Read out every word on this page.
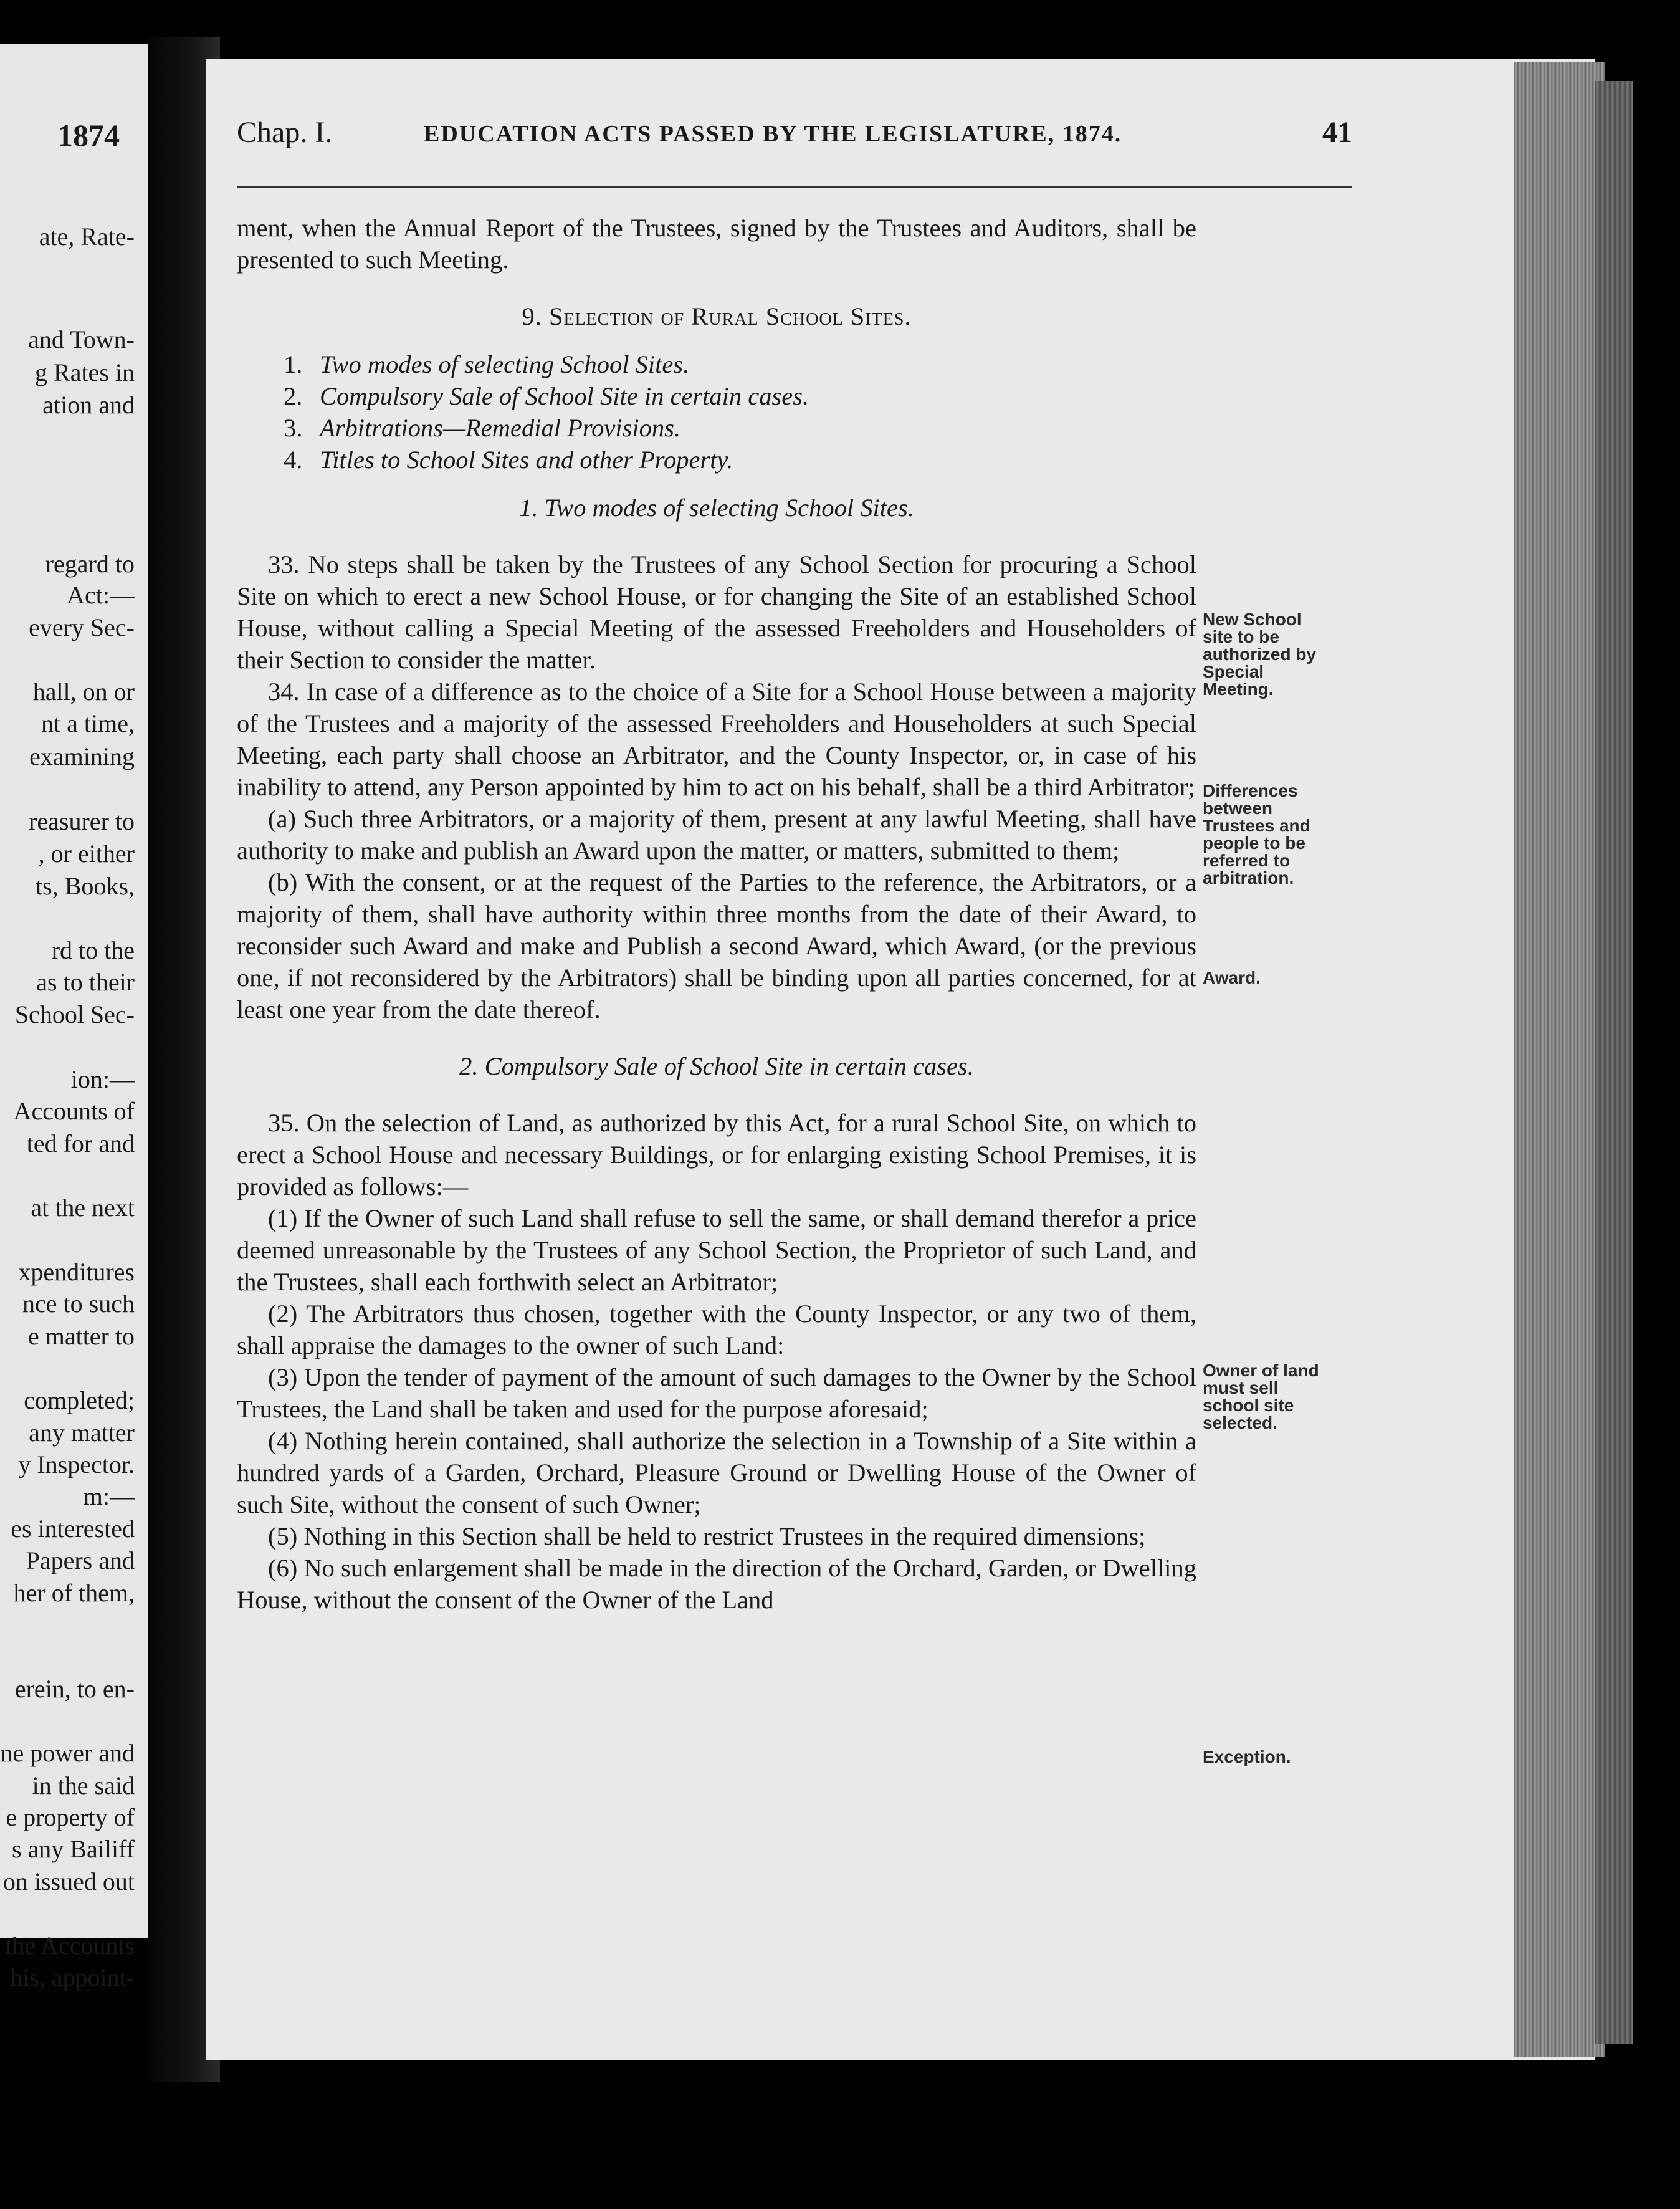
1874
ate, Rate-
and Town-
g Rates in
ation and
regard to
Act:—
every Sec-
hall, on or
nt a time,
examining
reasurer to
, or either
ts, Books,
rd to the
as to their
School Sec-
ion:—
Accounts of
ted for and
at the next
xpenditures
nce to such
e matter to
completed;
any matter
y Inspector.
m:—
es interested
Papers and
her of them,
erein, to en-
ne power and
in the said
e property of
s any Bailiff
on issued out
the Accounts
his, appoint-
Chap. I.	EDUCATION ACTS PASSED BY THE LEGISLATURE, 1874.	41

ment, when the Annual Report of the Trustees, signed by the Trustees and Auditors, shall be presented to such Meeting.

9. Selection of Rural School Sites.

1. Two modes of selecting School Sites.

2. Compulsory Sale of School Site in certain cases.

3. Arbitrations—Remedial Provisions.

4. Titles to School Sites and other Property.

1. Two modes of selecting School Sites.

33. No steps shall be taken by the Trustees of any School Section for procuring a School Site on which to erect a new School House, or for changing the Site of an established School House, without calling a Special Meeting of the assessed Freeholders and Householders of their Section to consider the matter.

34. In case of a difference as to the choice of a Site for a School House between a majority of the Trustees and a majority of the assessed Freeholders and Householders at such Special Meeting, each party shall choose an Arbitrator, and the County Inspector, or, in case of his inability to attend, any Person appointed by him to act on his behalf, shall be a third Arbitrator;

(a) Such three Arbitrators, or a majority of them, present at any lawful Meeting, shall have authority to make and publish an Award upon the matter, or matters, submitted to them;

(b) With the consent, or at the request of the Parties to the reference, the Arbitrators, or a majority of them, shall have authority within three months from the date of their Award, to reconsider such Award and make and Publish a second Award, which Award, (or the previous one, if not reconsidered by the Arbitrators) shall be binding upon all parties concerned, for at least one year from the date thereof.

2. Compulsory Sale of School Site in certain cases.

35. On the selection of Land, as authorized by this Act, for a rural School Site, on which to erect a School House and necessary Buildings, or for enlarging existing School Premises, it is provided as follows:—

(1) If the Owner of such Land shall refuse to sell the same, or shall demand therefor a price deemed unreasonable by the Trustees of any School Section, the Proprietor of such Land, and the Trustees, shall each forthwith select an Arbitrator;

(2) The Arbitrators thus chosen, together with the County Inspector, or any two of them, shall appraise the damages to the owner of such Land:

(3) Upon the tender of payment of the amount of such damages to the Owner by the School Trustees, the Land shall be taken and used for the purpose aforesaid;

(4) Nothing herein contained, shall authorize the selection in a Township of a Site within a hundred yards of a Garden, Orchard, Pleasure Ground or Dwelling House of the Owner of such Site, without the consent of such Owner;

(5) Nothing in this Section shall be held to restrict Trustees in the required dimensions;

(6) No such enlargement shall be made in the direction of the Orchard, Garden, or Dwelling House, without the consent of the Owner of the Land

New School site to be authorized by Special Meeting.
Differences between Trustees and people to be referred to arbitration.
Award.
Owner of land must sell school site selected.
Exception.
